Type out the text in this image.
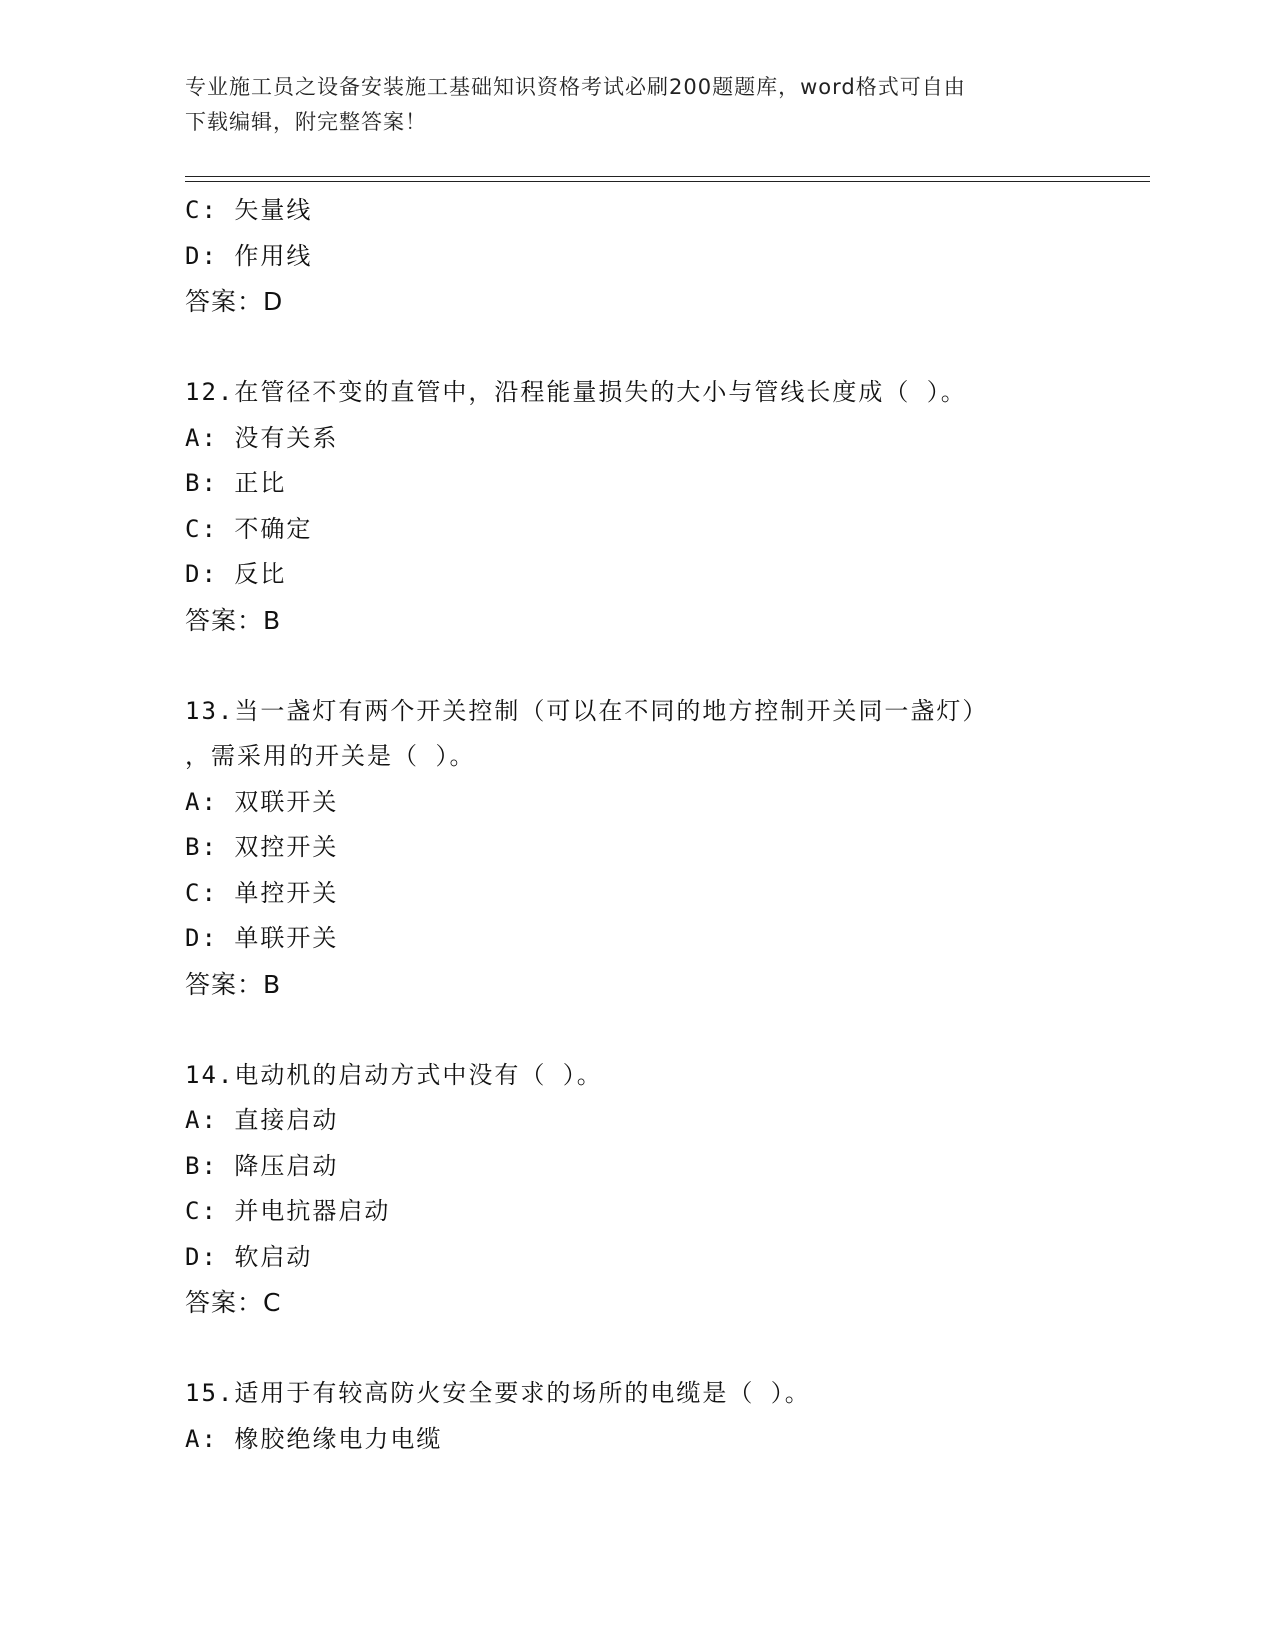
专业施工员之设备安装施工基础知识资格考试必刷200题题库，word格式可自由
下载编辑，附完整答案！
C: 矢量线
D: 作用线
答案：D
12.在管径不变的直管中，沿程能量损失的大小与管线长度成（ ）。
A: 没有关系
B: 正比
C: 不确定
D: 反比
答案：B
13.当一盏灯有两个开关控制（可以在不同的地方控制开关同一盏灯）
，需采用的开关是（ ）。
A: 双联开关
B: 双控开关
C: 单控开关
D: 单联开关
答案：B
14.电动机的启动方式中没有（ ）。
A: 直接启动
B: 降压启动
C: 并电抗器启动
D: 软启动
答案：C
15.适用于有较高防火安全要求的场所的电缆是（ ）。
A: 橡胶绝缘电力电缆
